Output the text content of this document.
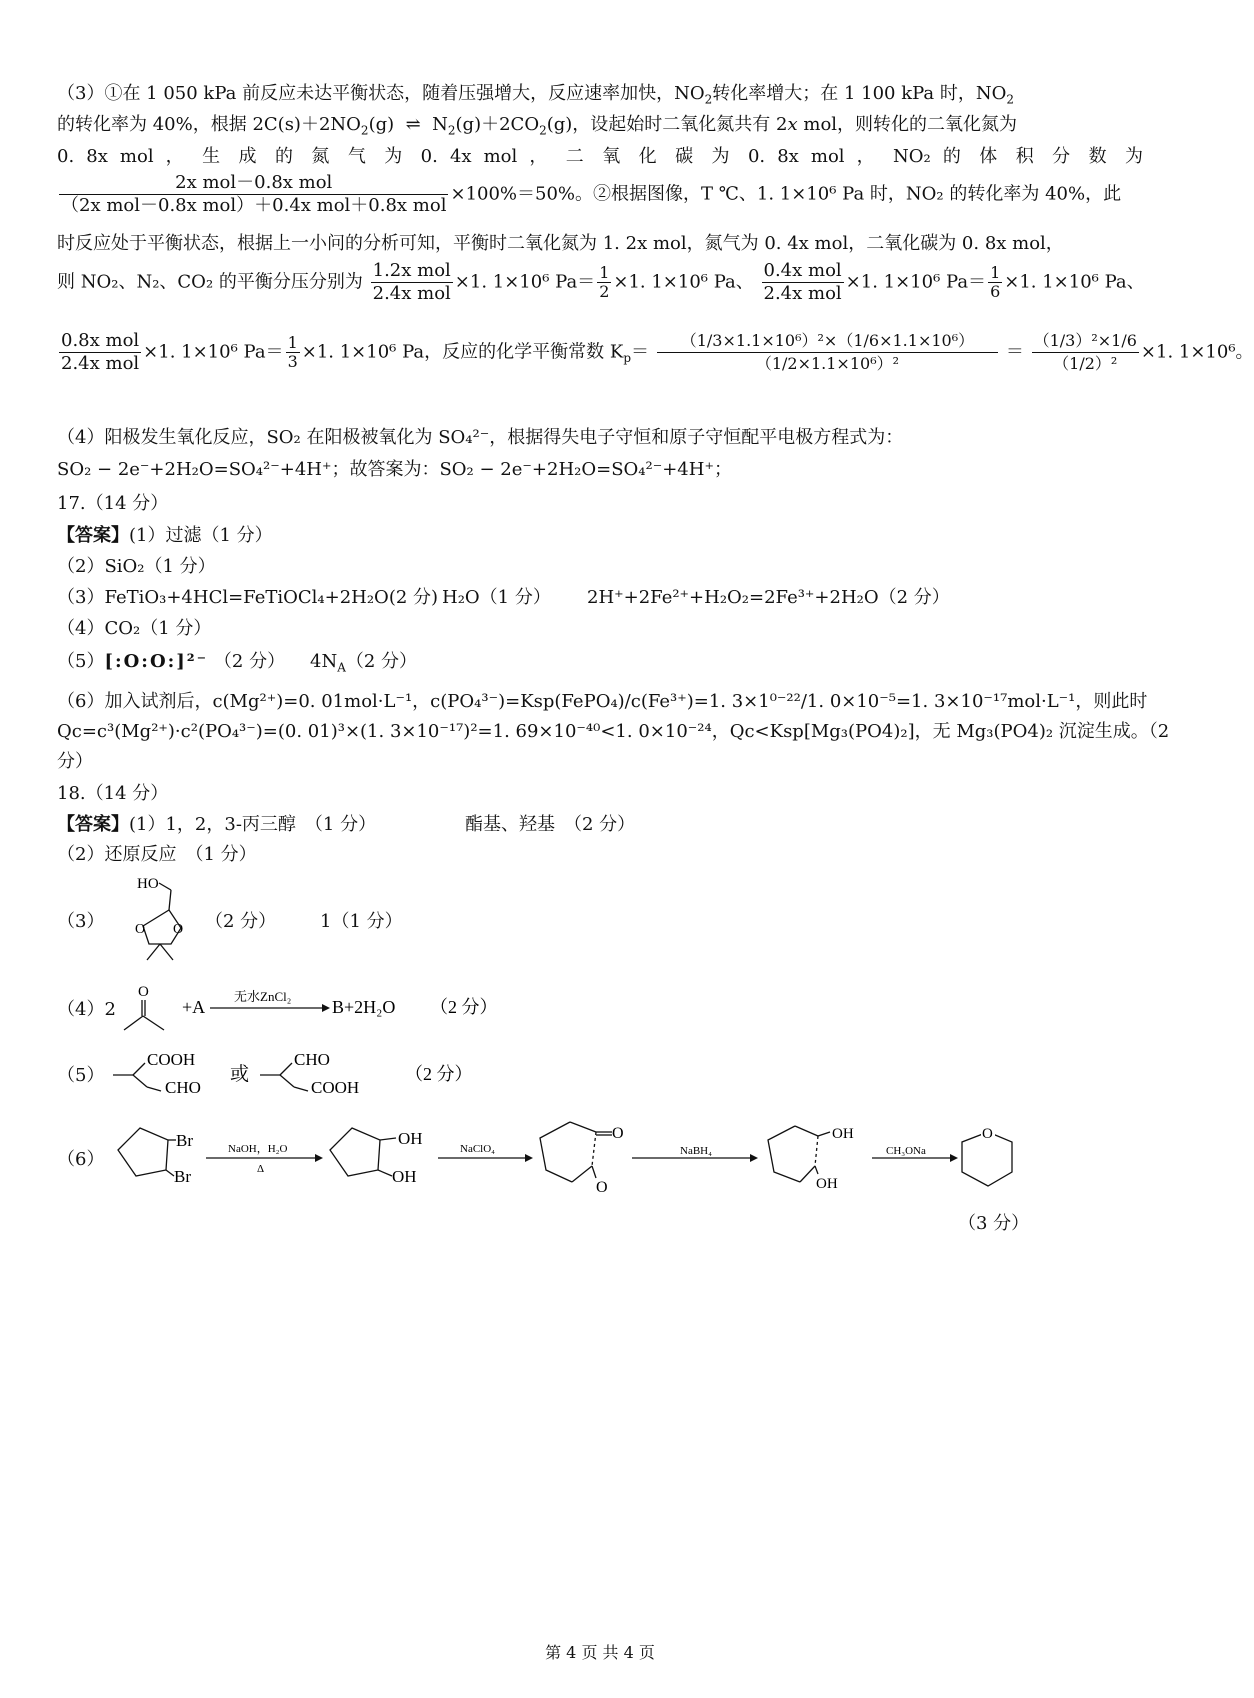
（3）①在 1 050 kPa 前反应未达平衡状态，随着压强增大，反应速率加快，$NO_2$转化率增大；在 1 100 kPa 时，$NO_2$
的转化率为 40%，根据 $2C(s)+2NO_2(g)$  ⇌  $N_2(g)+2CO_2(g)$，设起始时二氧化氮共有 2x mol，则转化的二氧化氮为
0. 8x mol ， 生 成 的 氮 气 为 0. 4x mol ， 二 氧 化 碳 为 0. 8x mol ， NO₂ 的 体 积 分 数 为
$\frac{\text{2x mol－0.8x mol}}{\text{（2x mol－0.8x mol）＋0.4x mol＋0.8x mol}} \times 100\%=50\%$。②根据图像，T ℃、1. 1×10⁶ Pa 时，NO₂ 的转化率为 40%，此
时反应处于平衡状态，根据上一小问的分析可知，平衡时二氧化氮为 1. 2x mol，氮气为 0. 4x mol，二氧化碳为 0. 8x mol，
则 NO₂、N₂、CO₂ 的平衡分压分别为 $\frac{\text{1.2x mol}}{\text{2.4x mol}} \times 1$. 1×10⁶ $Pa= \frac{1}{2} \times 1$. 1×10⁶ Pa、 $\frac{\text{0.4x mol}}{\text{2.4x mol}} \times 1$. 1×10⁶ $Pa= \frac{1}{6} \times 1$. 1×10⁶ Pa、
$\frac{\text{0.8x mol}}{\text{2.4x mol}} \times 1$. 1×10⁶ $Pa= \frac{1}{3} \times 1$. 1×10⁶ Pa，反应的化学平衡常数 $K_p= \frac{\text{（1/3×1.1×10⁶）²×（1/6×1.1×10⁶）}}{\text{（1/2×1.1×10⁶）²}} = \frac{\text{（1/3）²×1/6}}{\text{（1/2）²}} \times 1$. 1×10⁶。
（4）阳极发生氧化反应，SO₂ 在阳极被氧化为 SO₄²⁻，根据得失电子守恒和原子守恒配平电极方程式为：
SO₂ − 2e⁻+2H₂O=SO₄²⁻+4H⁺；故答案为：SO₂ − 2e⁻+2H₂O=SO₄²⁻+4H⁺；
17.（14 分）
【答案】(1）过滤（1 分）
（2）SiO₂（1 分）
（3）FeTiO₃+4HCl=FeTiOCl₄+2H₂O(2 分) H₂O（1 分） 2H⁺+2Fe²⁺+H₂O₂=2Fe³⁺+2H₂O（2 分）
（4）CO₂（1 分）
（5）[:O:O:]²⁻ （2 分） $4N_A(2$ 分）
（6）加入试剂后，c(Mg²⁺)=0. 01mol·L⁻¹，c(PO₄³⁻)=Ksp(FePO₄)/c(Fe³⁺)=1. 3×1⁰⁻²²/1. 0×10⁻⁵=1. 3×10⁻¹⁷mol·L⁻¹，则此时
Qc=c³(Mg²⁺)·c²(PO₄³⁻)=(0. 01)³×(1. 3×10⁻¹⁷)²=1. 69×10⁻⁴⁰<1. 0×10⁻²⁴，Qc<Ksp[Mg₃(PO4)₂]，无 Mg₃(PO4)₂ 沉淀生成。（2
分）
18.（14 分）
【答案】(1）1，2，3-丙三醇　（1 分）	酯基、羟基　（2 分）
（2）还原反应　（1 分）
（3）
HO
O
O	（2 分） 1（1 分）
（4）2
O
+A
无水ZnCl₂
B+2H₂O （2 分）
（5）
COOH
CHO
或
CHO
COOH
（2 分）
（6）
Br
Br
NaOH，H₂O
Δ
OH
OH
NaClO₄
O
O
NaBH₄
OH
OH
CH₃ONa
O
（3 分）
第 4 页 共 4 页
